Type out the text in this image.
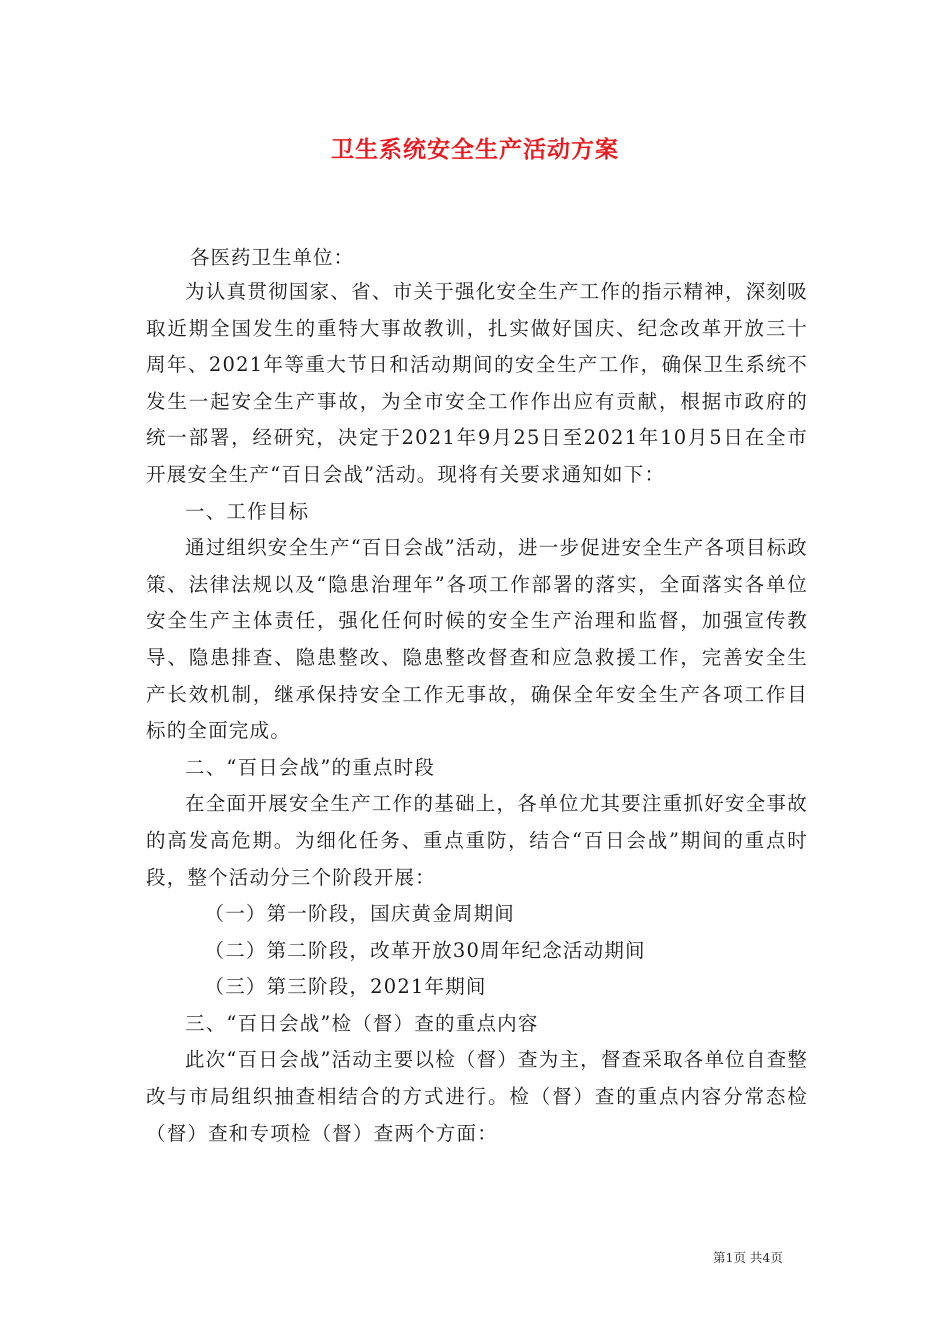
卫生系统安全生产活动方案
各医药卫生单位：

为认真贯彻国家、省、市关于强化安全生产工作的指示精神，深刻吸取近期全国发生的重特大事故教训，扎实做好国庆、纪念改革开放三十周年、2021年等重大节日和活动期间的安全生产工作，确保卫生系统不发生一起安全生产事故，为全市安全工作作出应有贡献，根据市政府的统一部署，经研究，决定于2021年9月25日至2021年10月5日在全市开展安全生产“百日会战”活动。现将有关要求通知如下：

一、工作目标

通过组织安全生产“百日会战”活动，进一步促进安全生产各项目标政策、法律法规以及“隐患治理年”各项工作部署的落实，全面落实各单位安全生产主体责任，强化任何时候的安全生产治理和监督，加强宣传教导、隐患排查、隐患整改、隐患整改督查和应急救援工作，完善安全生产长效机制，继承保持安全工作无事故，确保全年安全生产各项工作目标的全面完成。

二、“百日会战”的重点时段

在全面开展安全生产工作的基础上，各单位尤其要注重抓好安全事故的高发高危期。为细化任务、重点重防，结合“百日会战”期间的重点时段，整个活动分三个阶段开展：

（一）第一阶段，国庆黄金周期间

（二）第二阶段，改革开放30周年纪念活动期间

（三）第三阶段，2021年期间

三、“百日会战”检（督）查的重点内容

此次“百日会战”活动主要以检（督）查为主，督查采取各单位自查整改与市局组织抽查相结合的方式进行。检（督）查的重点内容分常态检（督）查和专项检（督）查两个方面：

第1页 共4页
